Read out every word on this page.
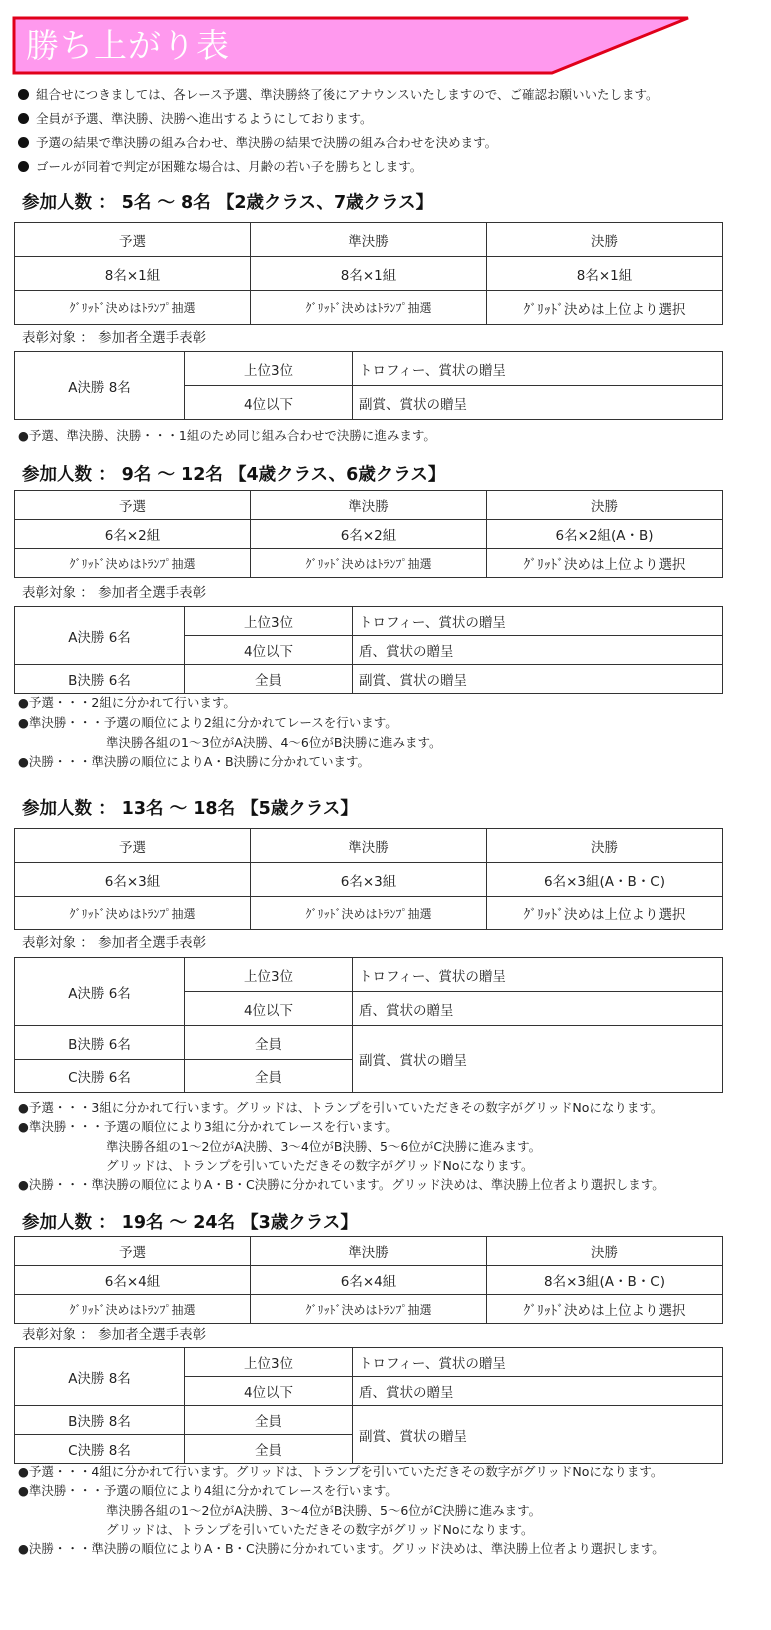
勝ち上がり表
組合せにつきましては、各レース予選、準決勝終了後にアナウンスいたしますので、ご確認お願いいたします。
全員が予選、準決勝、決勝へ進出するようにしております。
予選の結果で準決勝の組み合わせ、準決勝の結果で決勝の組み合わせを決めます。
ゴールが同着で判定が困難な場合は、月齢の若い子を勝ちとします。
参加人数 ： 5名 ～ 8名 【2歳クラス、7歳クラス】
予選	準決勝	決勝
8名×1組	8名×1組	8名×1組
ｸﾞﾘｯﾄﾞ決めはﾄﾗﾝﾌﾟ抽選	ｸﾞﾘｯﾄﾞ決めはﾄﾗﾝﾌﾟ抽選	ｸﾞﾘｯﾄﾞ決めは上位より選択
表彰対象 ： 参加者全選手表彰
A決勝 8名	上位3位	トロフィー、賞状の贈呈
	4位以下	副賞、賞状の贈呈
●予選、準決勝、決勝・・・1組のため同じ組み合わせで決勝に進みます。
参加人数 ： 9名 ～ 12名 【4歳クラス、6歳クラス】
予選	準決勝	決勝
6名×2組	6名×2組	6名×2組(A・B)
ｸﾞﾘｯﾄﾞ決めはﾄﾗﾝﾌﾟ抽選	ｸﾞﾘｯﾄﾞ決めはﾄﾗﾝﾌﾟ抽選	ｸﾞﾘｯﾄﾞ決めは上位より選択
表彰対象 ： 参加者全選手表彰
A決勝 6名	上位3位	トロフィー、賞状の贈呈
	4位以下	盾、賞状の贈呈
B決勝 6名	全員	副賞、賞状の贈呈
●予選・・・2組に分かれて行います。
●準決勝・・・予選の順位により2組に分かれてレースを行います。
準決勝各組の1～3位がA決勝、4～6位がB決勝に進みます。
●決勝・・・準決勝の順位によりA・B決勝に分かれています。
参加人数 ： 13名 ～ 18名 【5歳クラス】
予選	準決勝	決勝
6名×3組	6名×3組	6名×3組(A・B・C)
ｸﾞﾘｯﾄﾞ決めはﾄﾗﾝﾌﾟ抽選	ｸﾞﾘｯﾄﾞ決めはﾄﾗﾝﾌﾟ抽選	ｸﾞﾘｯﾄﾞ決めは上位より選択
表彰対象 ： 参加者全選手表彰
A決勝 6名	上位3位	トロフィー、賞状の贈呈
	4位以下	盾、賞状の贈呈
B決勝 6名	全員	副賞、賞状の贈呈
C決勝 6名	全員	
●予選・・・3組に分かれて行います。グリッドは、トランプを引いていただきその数字がグリッドNoになります。
●準決勝・・・予選の順位により3組に分かれてレースを行います。
準決勝各組の1～2位がA決勝、3～4位がB決勝、5～6位がC決勝に進みます。
グリッドは、トランプを引いていただきその数字がグリッドNoになります。
●決勝・・・準決勝の順位によりA・B・C決勝に分かれています。グリッド決めは、準決勝上位者より選択します。
参加人数 ： 19名 ～ 24名 【3歳クラス】
予選	準決勝	決勝
6名×4組	6名×4組	8名×3組(A・B・C)
ｸﾞﾘｯﾄﾞ決めはﾄﾗﾝﾌﾟ抽選	ｸﾞﾘｯﾄﾞ決めはﾄﾗﾝﾌﾟ抽選	ｸﾞﾘｯﾄﾞ決めは上位より選択
表彰対象 ： 参加者全選手表彰
A決勝 8名	上位3位	トロフィー、賞状の贈呈
	4位以下	盾、賞状の贈呈
B決勝 8名	全員	副賞、賞状の贈呈
C決勝 8名	全員	
●予選・・・4組に分かれて行います。グリッドは、トランプを引いていただきその数字がグリッドNoになります。
●準決勝・・・予選の順位により4組に分かれてレースを行います。
準決勝各組の1～2位がA決勝、3～4位がB決勝、5～6位がC決勝に進みます。
グリッドは、トランプを引いていただきその数字がグリッドNoになります。
●決勝・・・準決勝の順位によりA・B・C決勝に分かれています。グリッド決めは、準決勝上位者より選択します。
